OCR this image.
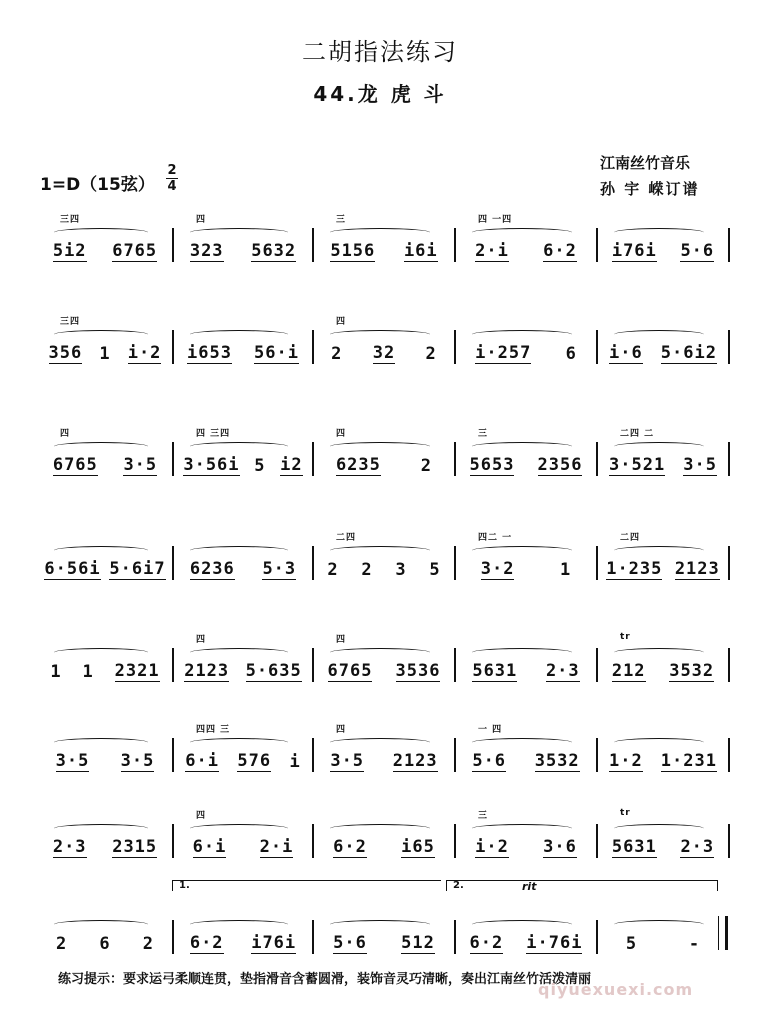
二胡指法练习
44.龙 虎 斗
1=D（15弦）
2
4
江南丝竹音乐
孙 宇 嵘订谱
5i2 6765
三四
323 5632
四
5156 i6i
三
2·i 6·2
四 一四
i76i 5·6
356 1 i·2
三四
i653 56·i 2 32 2
四
i·257 6 i·6 5·6i2
6765 3·5
四
3·56i 5 i2
四 三四
6235 2
四
5653 2356
三
3·521 3·5
二四 二
6·56i 5·6i7 6236 5·3 2 2 3 5
二四
3·2	1
四二 一
1·235 2123
二四
1 1 2321 2123 5·635
四
6765 3536
四
5631 2·3 212 3532
tr
3·5 3·5 6·i 576 i
四四 三
3·5 2123
四
5·6 3532
一 四
1·2 1·231
2·3 2315 6·i 2·i
四
6·2 i65 i·2 3·6
三
5631 2·3
tr
2 6 2 6·2 i76i 5·6 512 6·2 i·76i	5	-
1.	2.	rit
练习提示：要求运弓柔顺连贯，垫指滑音含蓄圆滑，装饰音灵巧清晰，奏出江南丝竹活泼清丽
qiyuexuexi.com
